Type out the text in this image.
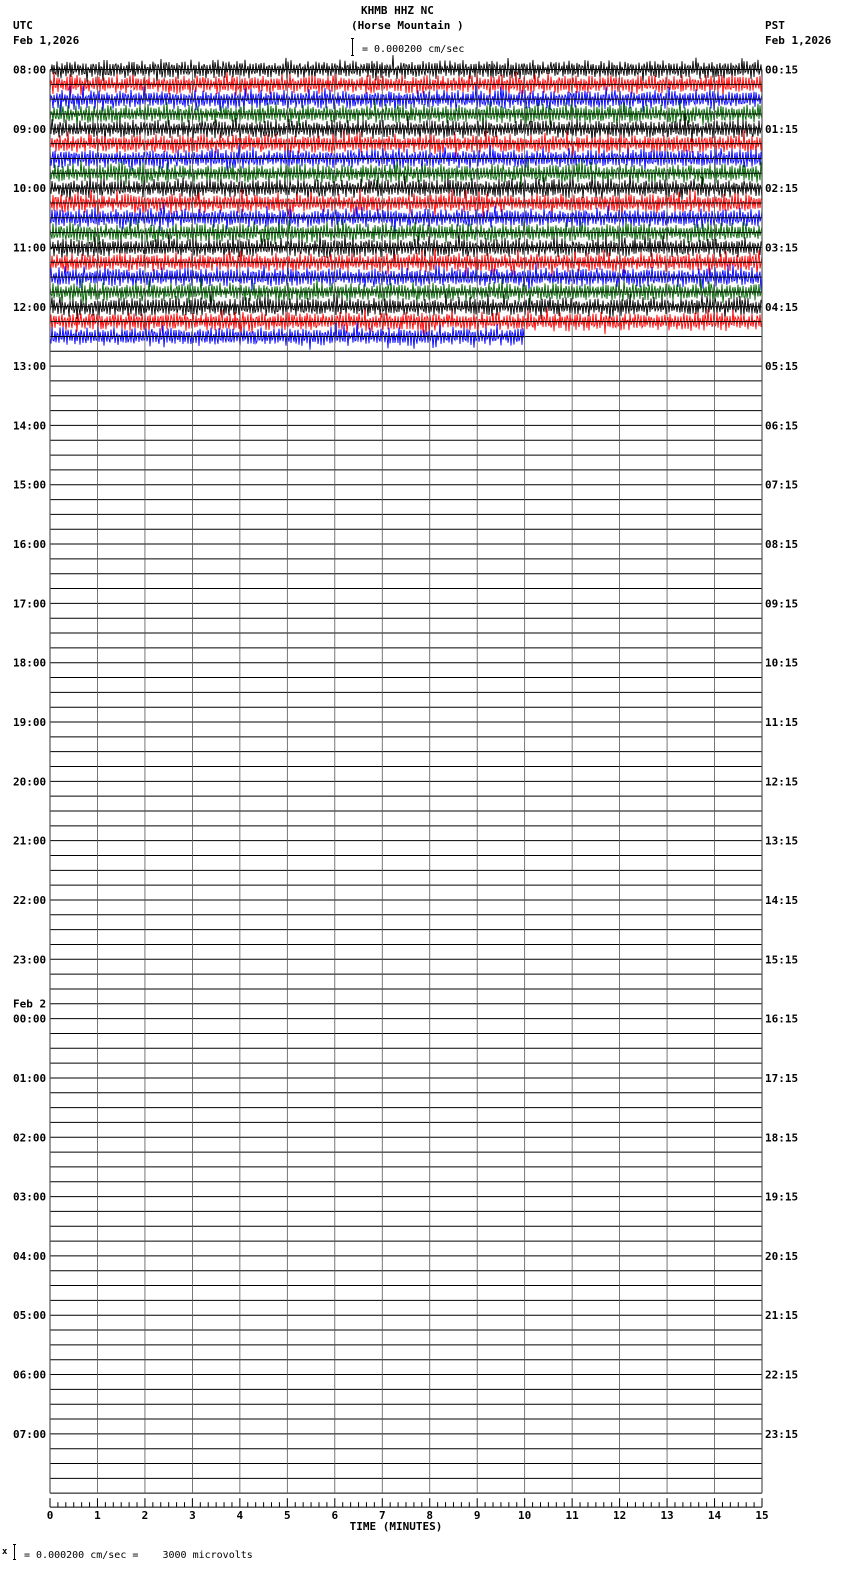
KHMB HHZ NC
(Horse Mountain )
= 0.000200 cm/sec
UTC
Feb 1,2026
PST
Feb 1,2026
08:00	00:15
09:00	01:15
10:00	02:15
11:00	03:15
12:00	04:15
13:00	05:15
14:00	06:15
15:00	07:15
16:00	08:15
17:00	09:15
18:00	10:15
19:00	11:15
20:00	12:15
21:00	13:15
22:00	14:15
23:00	15:15
00:00	16:15
01:00	17:15
02:00	18:15
03:00	19:15
04:00	20:15
05:00	21:15
06:00	22:15
07:00	23:15
Feb 2
0	1	2	3	4	5	6	7	8	9	10	11	12	13	14	15
TIME (MINUTES)
x = 0.000200 cm/sec =    3000 microvolts
